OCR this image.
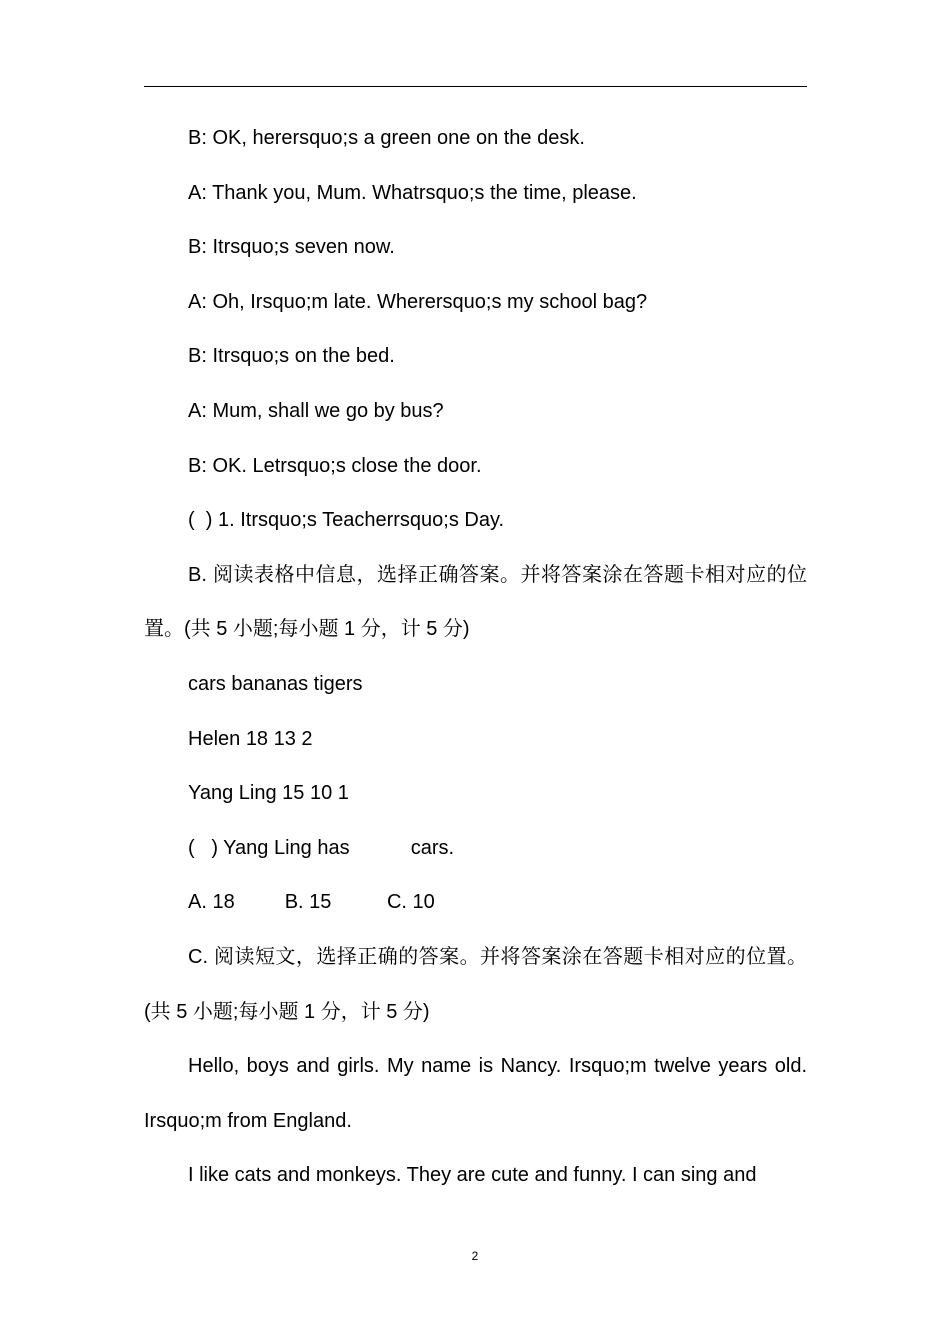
B: OK, herersquo;s a green one on the desk.

A: Thank you, Mum. Whatrsquo;s the time, please.

B: Itrsquo;s seven now.

A: Oh, Irsquo;m late. Wherersquo;s my school bag?

B: Itrsquo;s on the bed.

A: Mum, shall we go by bus?

B: OK. Letrsquo;s close the door.

(  ) 1. Itrsquo;s Teacherrsquo;s Day.

B. 阅读表格中信息，选择正确答案。并将答案涂在答题卡相对应的位置。(共 5 小题;每小题 1 分，计 5 分)

cars bananas tigers

Helen 18 13 2

Yang Ling 15 10 1

(   ) Yang Ling has           cars.

A. 18         B. 15          C. 10

C. 阅读短文，选择正确的答案。并将答案涂在答题卡相对应的位置。(共 5 小题;每小题 1 分，计 5 分)

Hello, boys and girls. My name is Nancy. Irsquo;m twelve years old. Irsquo;m from England.

I like cats and monkeys. They are cute and funny. I can sing and

2
